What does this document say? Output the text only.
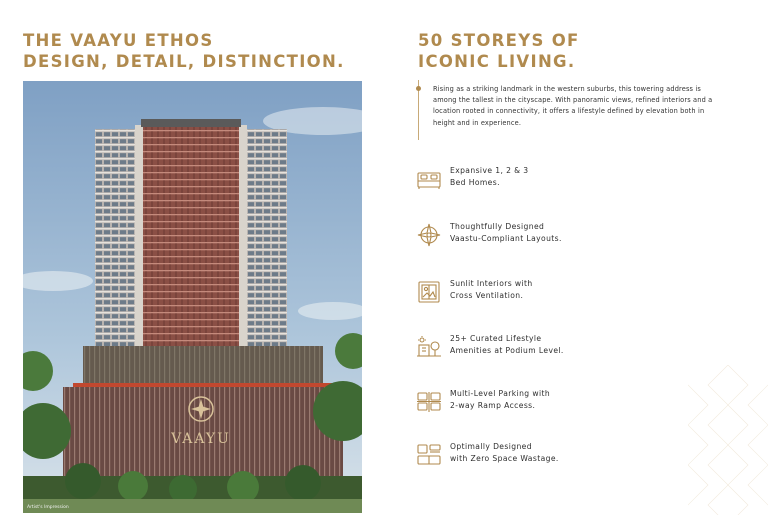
THE VAAYU ETHOS
DESIGN, DETAIL, DISTINCTION.
50 STOREYS OF
ICONIC LIVING.
VAAYU
Artist's Impression

Rising as a striking landmark in the western suburbs, this towering address is among the tallest in the cityscape. With panoramic views, refined interiors and a location rooted in connectivity, it offers a lifestyle defined by elevation both in height and in experience.

Expansive 1, 2 & 3
Bed Homes.
Thoughtfully Designed
Vaastu-Compliant Layouts.
Sunlit Interiors with
Cross Ventilation.
25+ Curated Lifestyle
Amenities at Podium Level.
Multi-Level Parking with
2-way Ramp Access.
Optimally Designed
with Zero Space Wastage.
